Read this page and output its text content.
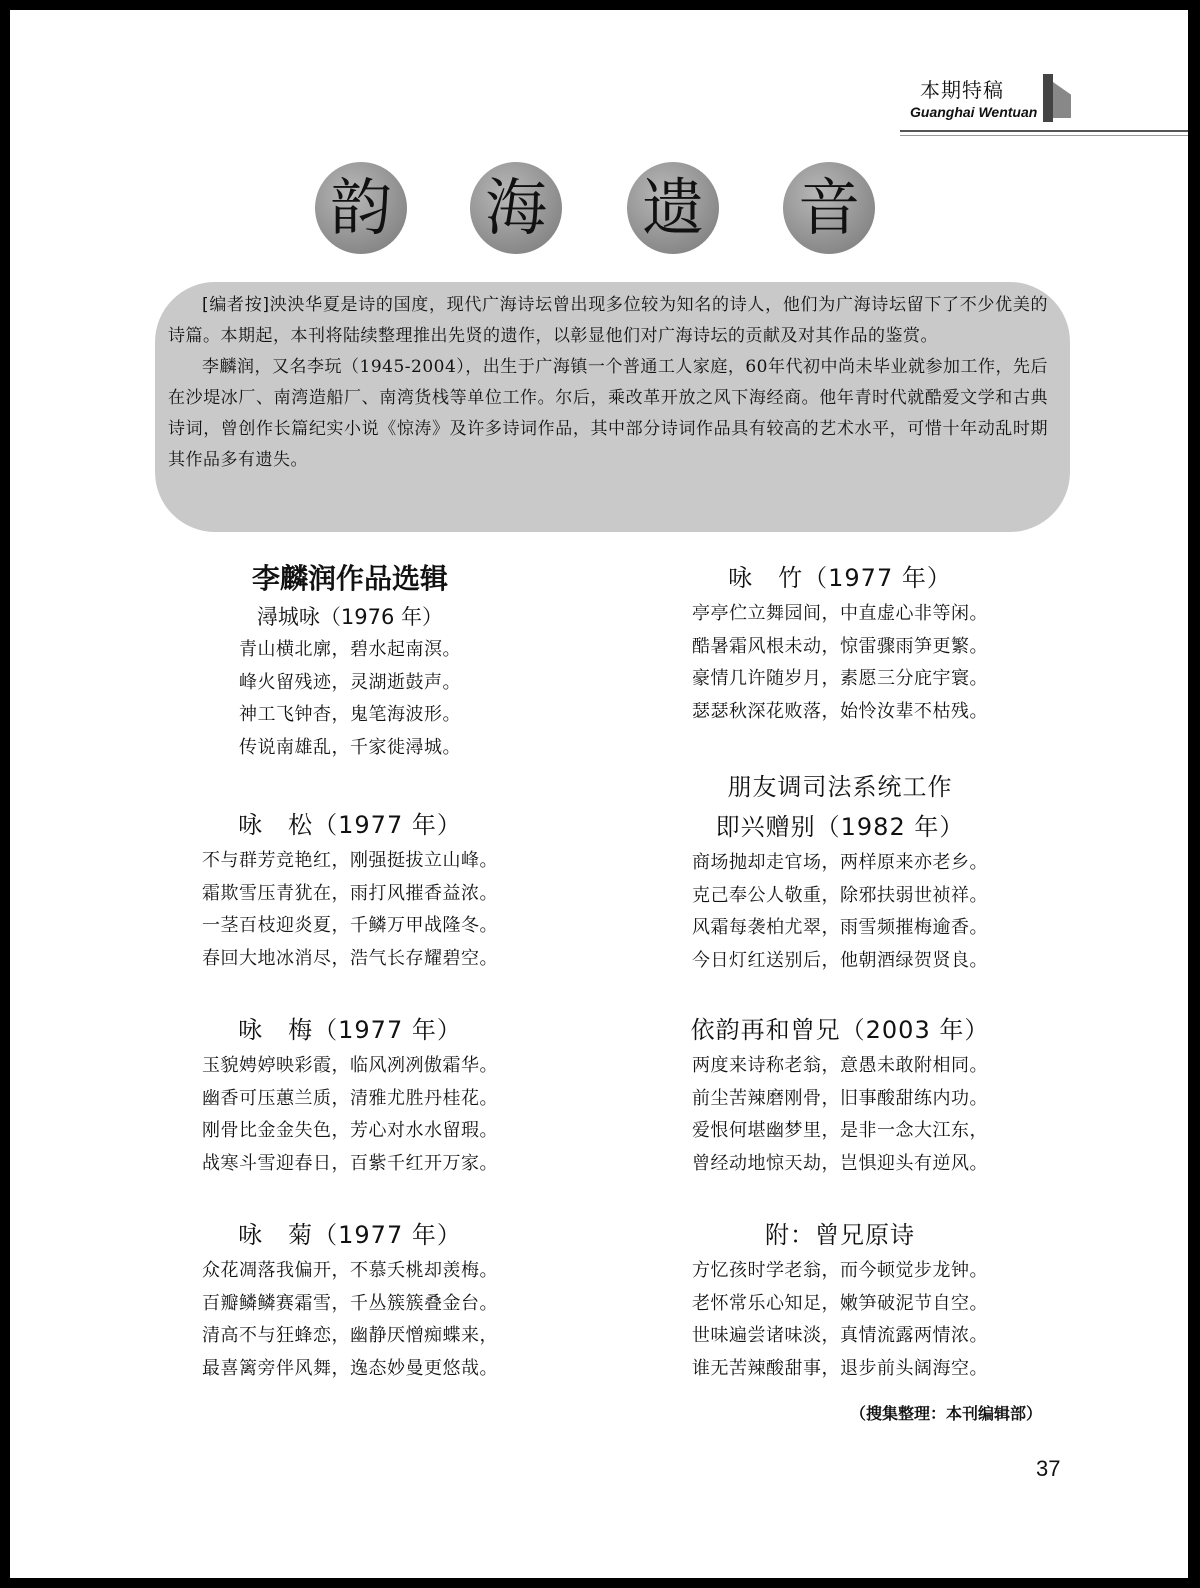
本期特稿
Guanghai Wentuan
韵 海 遗 音

[编者按]泱泱华夏是诗的国度，现代广海诗坛曾出现多位较为知名的诗人，他们为广海诗坛留下了不少优美的诗篇。本期起，本刊将陆续整理推出先贤的遗作，以彰显他们对广海诗坛的贡献及对其作品的鉴赏。

李麟润，又名李玩（1945-2004），出生于广海镇一个普通工人家庭，60年代初中尚未毕业就参加工作，先后在沙堤冰厂、南湾造船厂、南湾货栈等单位工作。尔后，乘改革开放之风下海经商。他年青时代就酷爱文学和古典诗词，曾创作长篇纪实小说《惊涛》及许多诗词作品，其中部分诗词作品具有较高的艺术水平，可惜十年动乱时期其作品多有遗失。

李麟润作品选辑
潯城咏（1976 年）
青山横北廓，碧水起南溟。
峰火留残迹，灵湖逝鼓声。
神工飞钟杳，鬼笔海波形。
传说南雄乱，千家徙潯城。
咏　松（1977 年）
不与群芳竞艳红，刚强挺拔立山峰。
霜欺雪压青犹在，雨打风摧香益浓。
一茎百枝迎炎夏，千鳞万甲战隆冬。
春回大地冰消尽，浩气长存耀碧空。
咏　梅（1977 年）
玉貌娉婷映彩霞，临风冽冽傲霜华。
幽香可压蕙兰质，清雅尤胜丹桂花。
刚骨比金金失色，芳心对水水留瑕。
战寒斗雪迎春日，百紫千红开万家。
咏　菊（1977 年）
众花凋落我偏开，不慕夭桃却羡梅。
百瓣鳞鳞赛霜雪，千丛簇簇叠金台。
清高不与狂蜂恋，幽静厌憎痴蝶来，
最喜篱旁伴风舞，逸态妙曼更悠哉。
咏　竹（1977 年）
亭亭伫立舞园间，中直虚心非等闲。
酷暑霜风根未动，惊雷骤雨笋更繁。
豪情几许随岁月，素愿三分庇宇寰。
瑟瑟秋深花败落，始怜汝辈不枯残。
朋友调司法系统工作
即兴赠别（1982 年）
商场抛却走官场，两样原来亦老乡。
克己奉公人敬重，除邪扶弱世祯祥。
风霜每袭柏尤翠，雨雪频摧梅逾香。
今日灯红送别后，他朝酒绿贺贤良。
依韵再和曾兄（2003 年）
两度来诗称老翁，意愚未敢附相同。
前尘苦辣磨刚骨，旧事酸甜练内功。
爱恨何堪幽梦里，是非一念大江东，
曾经动地惊天劫，岂惧迎头有逆风。
附：曾兄原诗
方忆孩时学老翁，而今顿觉步龙钟。
老怀常乐心知足，嫩笋破泥节自空。
世味遍尝诸味淡，真情流露两情浓。
谁无苦辣酸甜事，退步前头阔海空。
（搜集整理：本刊编辑部）
37
